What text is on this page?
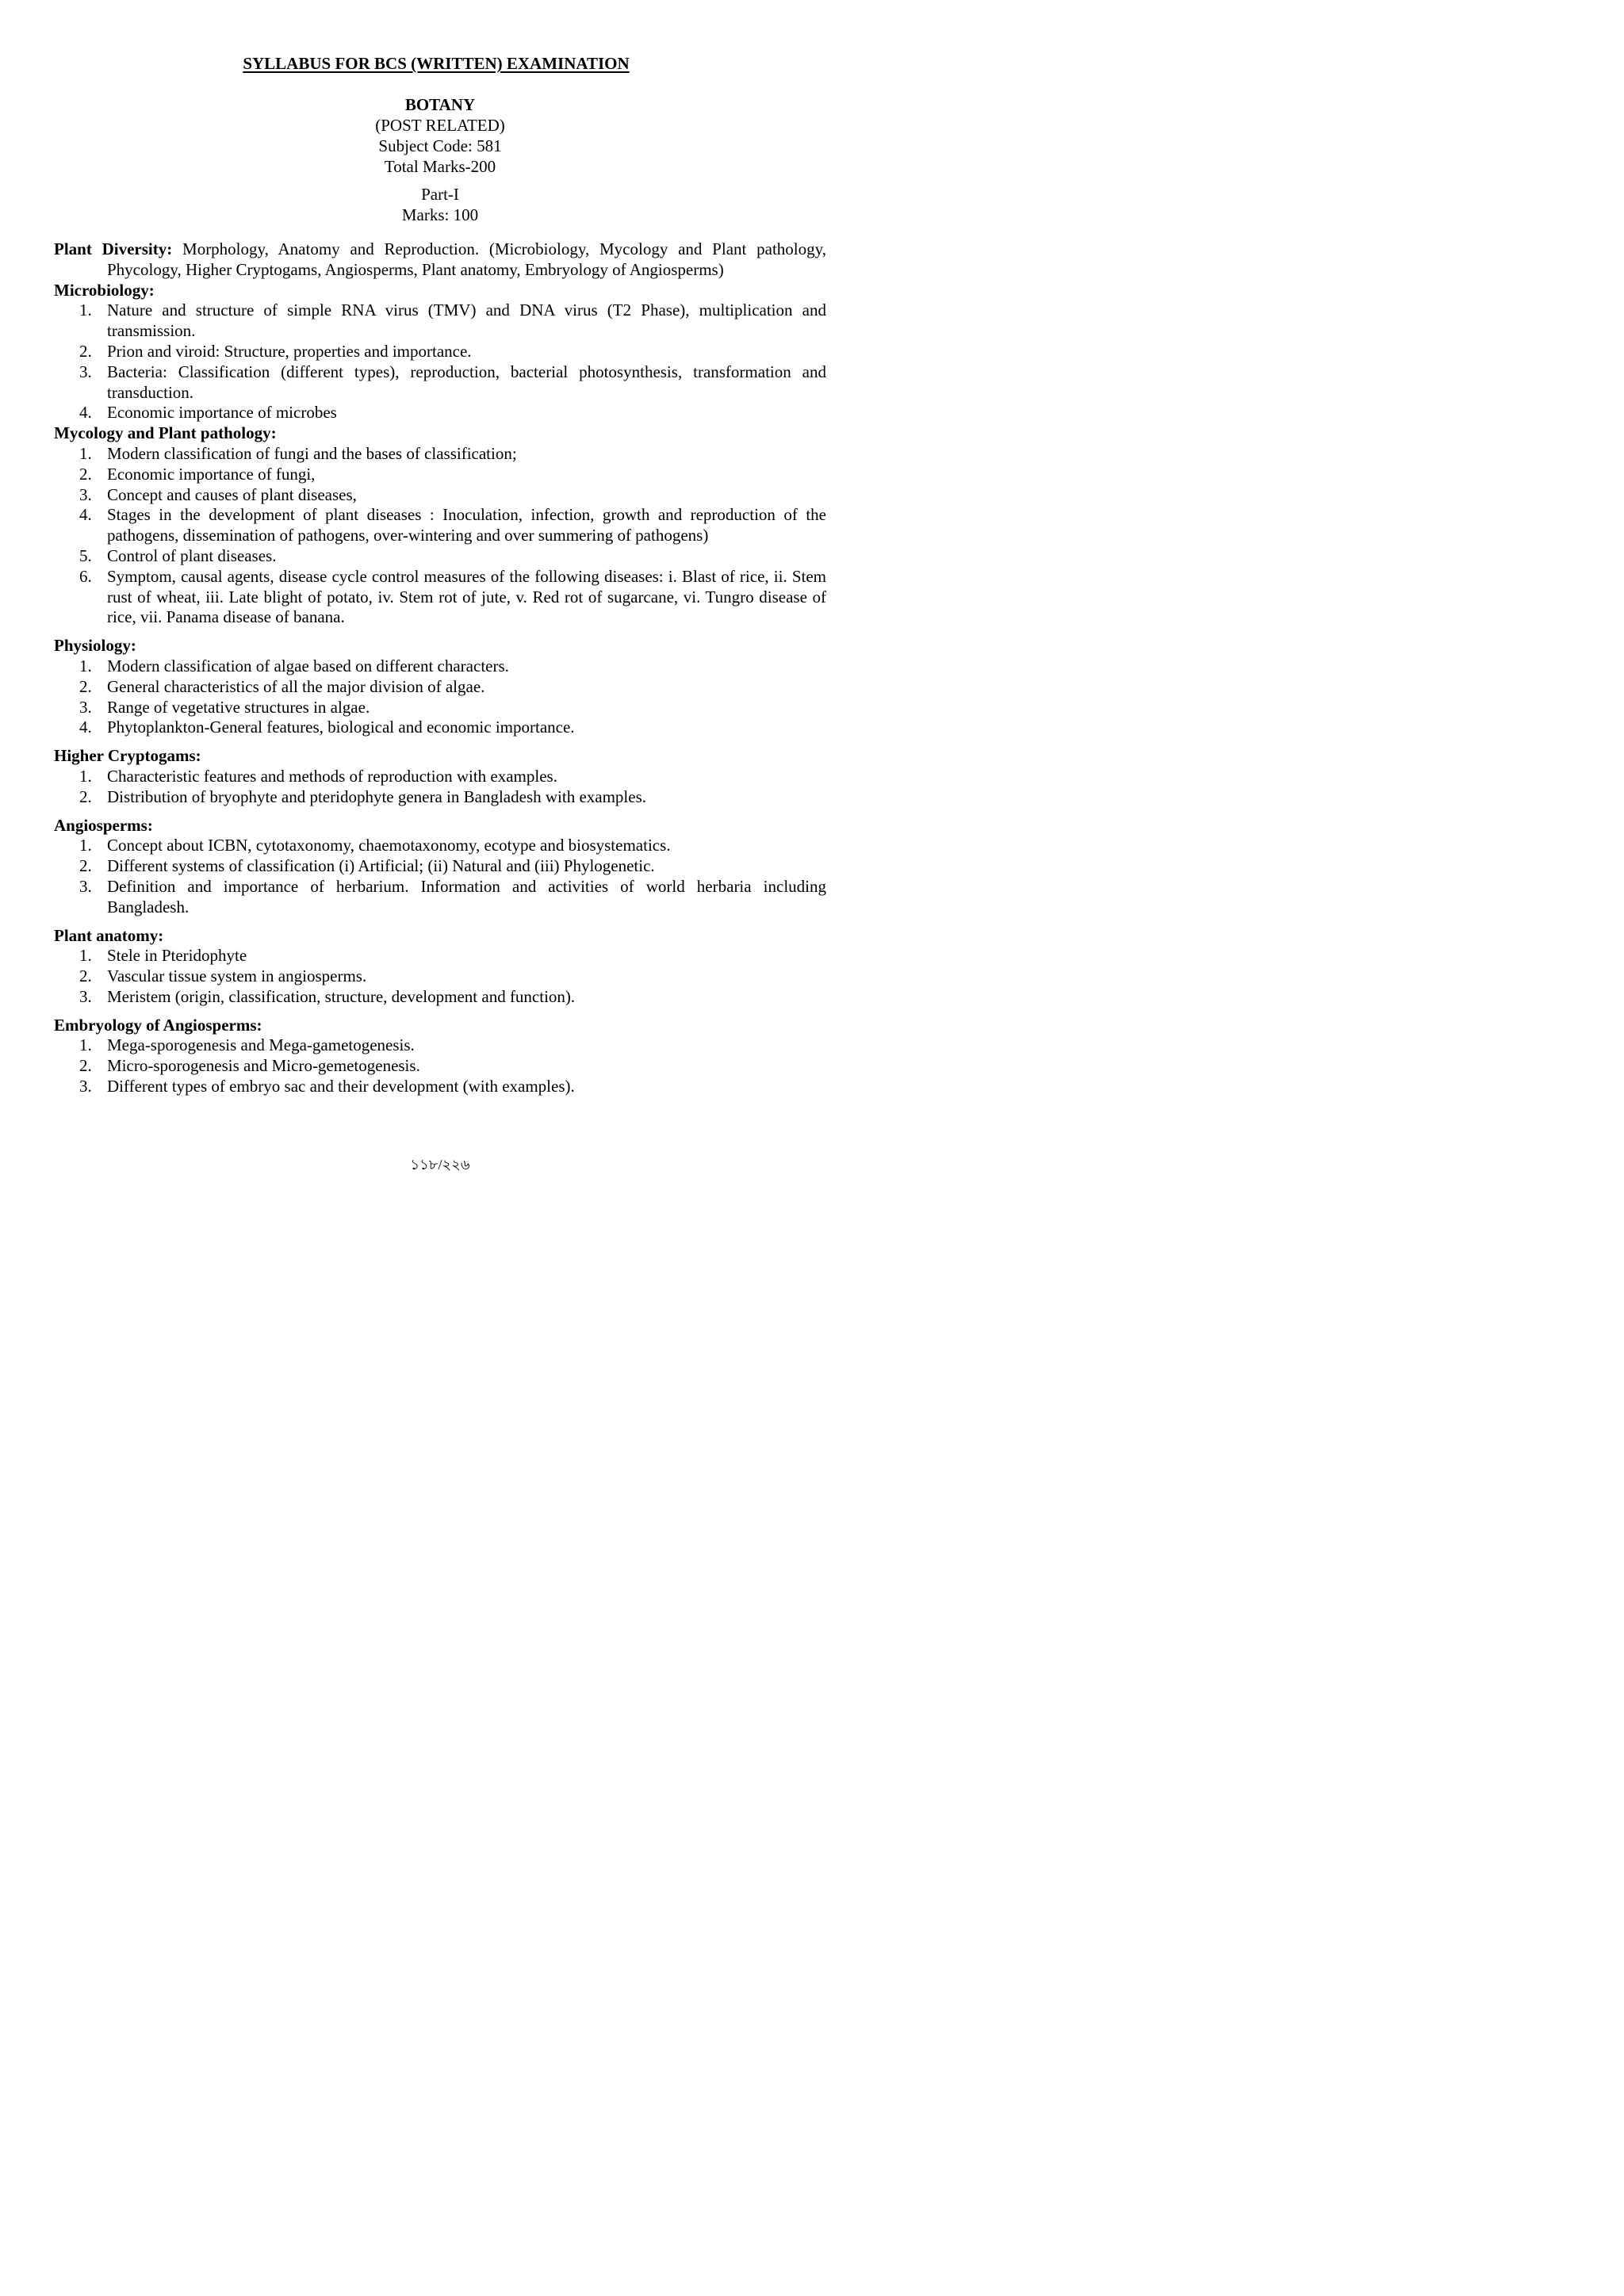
SYLLABUS FOR BCS (WRITTEN) EXAMINATION
BOTANY
(POST RELATED)
Subject Code: 581
Total Marks-200
Part-I
Marks: 100

Plant Diversity: Morphology, Anatomy and Reproduction. (Microbiology, Mycology and Plant pathology, Phycology, Higher Cryptogams, Angiosperms, Plant anatomy, Embryology of Angiosperms)

Microbiology:
1. Nature and structure of simple RNA virus (TMV) and DNA virus (T2 Phase), multiplication and transmission.
2. Prion and viroid: Structure, properties and importance.
3. Bacteria: Classification (different types), reproduction, bacterial photosynthesis, transformation and transduction.
4. Economic importance of microbes
Mycology and Plant pathology:
1. Modern classification of fungi and the bases of classification;
2. Economic importance of fungi,
3. Concept and causes of plant diseases,
4. Stages in the development of plant diseases : Inoculation, infection, growth and reproduction of the pathogens, dissemination of pathogens, over-wintering and over summering of pathogens)
5. Control of plant diseases.
6. Symptom, causal agents, disease cycle control measures of the following diseases: i. Blast of rice, ii. Stem rust of wheat, iii. Late blight of potato, iv. Stem rot of jute, v. Red rot of sugarcane, vi. Tungro disease of rice, vii. Panama disease of banana.
Physiology:
1. Modern classification of algae based on different characters.
2. General characteristics of all the major division of algae.
3. Range of vegetative structures in algae.
4. Phytoplankton-General features, biological and economic importance.
Higher Cryptogams:
1. Characteristic features and methods of reproduction with examples.
2. Distribution of bryophyte and pteridophyte genera in Bangladesh with examples.
Angiosperms:
1. Concept about ICBN, cytotaxonomy, chaemotaxonomy, ecotype and biosystematics.
2. Different systems of classification (i) Artificial; (ii) Natural and (iii) Phylogenetic.
3. Definition and importance of herbarium. Information and activities of world herbaria including Bangladesh.
Plant anatomy:
1. Stele in Pteridophyte
2. Vascular tissue system in angiosperms.
3. Meristem (origin, classification, structure, development and function).
Embryology of Angiosperms:
1. Mega-sporogenesis and Mega-gametogenesis.
2. Micro-sporogenesis and Micro-gemetogenesis.
3. Different types of embryo sac and their development (with examples).
১১৮/২২৬
